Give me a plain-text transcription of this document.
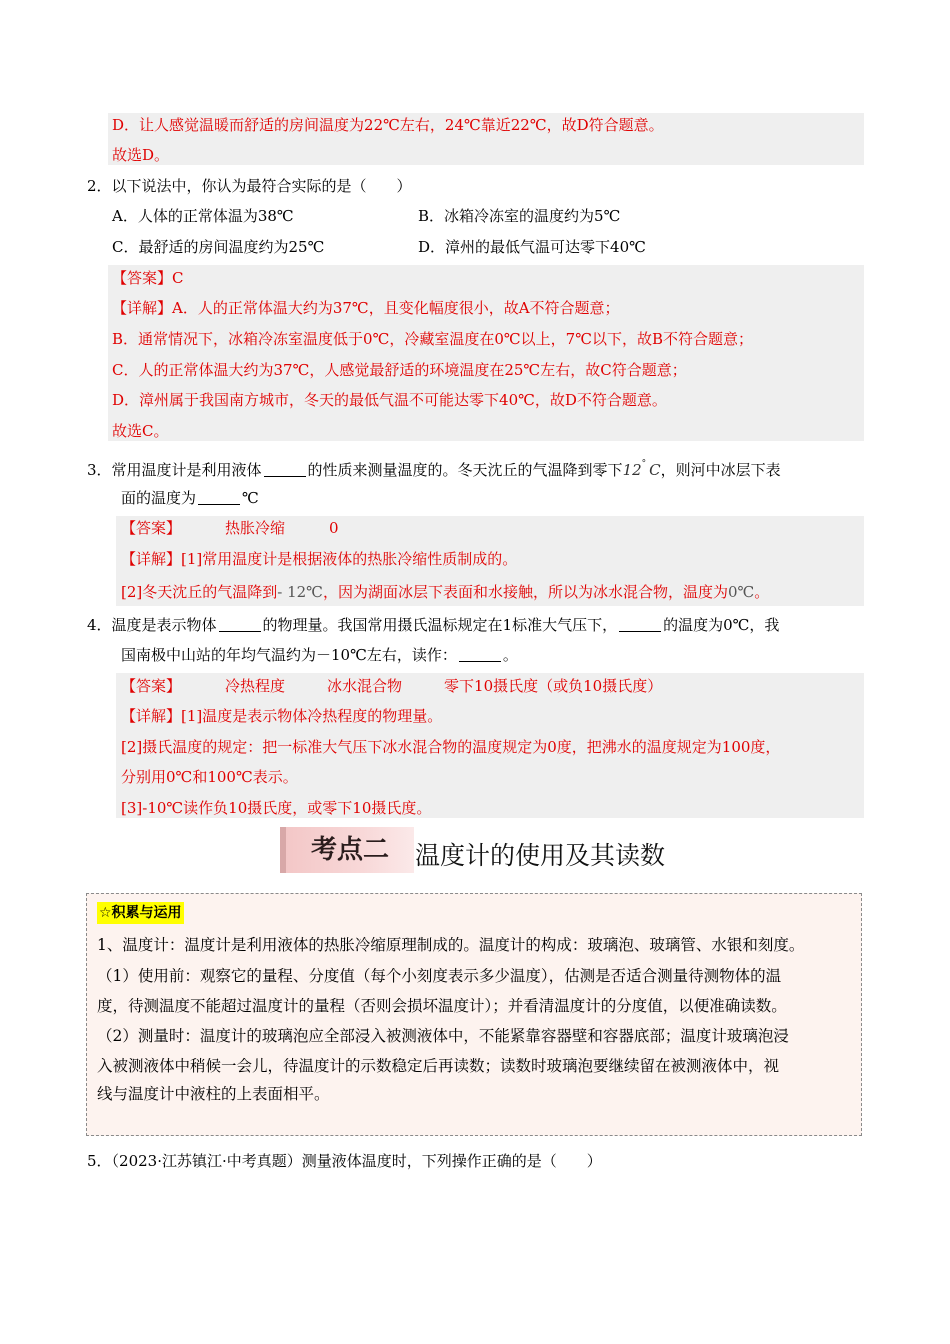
D．让人感觉温暖而舒适的房间温度为22℃左右，24℃靠近22℃，故D符合题意。
故选D。
2．以下说法中，你认为最符合实际的是（　　）
A．人体的正常体温为38℃	B．冰箱冷冻室的温度约为5℃
C．最舒适的房间温度约为25℃	D．漳州的最低气温可达零下40℃
【答案】C
【详解】A．人的正常体温大约为37℃，且变化幅度很小，故A不符合题意；
B．通常情况下，冰箱冷冻室温度低于0℃，冷藏室温度在0℃以上，7℃以下，故B不符合题意；
C．人的正常体温大约为37℃，人感觉最舒适的环境温度在25℃左右，故C符合题意；
D．漳州属于我国南方城市，冬天的最低气温不可能达零下40℃，故D不符合题意。
故选C。
3．常用温度计是利用液体	的性质来测量温度的。冬天沈丘的气温降到零下12° C，则河中冰层下表
面的温度为	℃
【答案】	热胀冷缩	0
【详解】[1]常用温度计是根据液体的热胀冷缩性质制成的。
[2]冬天沈丘的气温降到- 12℃，因为湖面冰层下表面和水接触，所以为冰水混合物，温度为0℃。
4．温度是表示物体	的物理量。我国常用摄氏温标规定在1标准大气压下，	的温度为0℃，我
国南极中山站的年均气温约为－10℃左右，读作：	。
【答案】	冷热程度	冰水混合物	零下10摄氏度（或负10摄氏度）
【详解】[1]温度是表示物体冷热程度的物理量。
[2]摄氏温度的规定：把一标准大气压下冰水混合物的温度规定为0度，把沸水的温度规定为100度，
分别用0℃和100℃表示。
[3]-10℃读作负10摄氏度，或零下10摄氏度。
考点二	温度计的使用及其读数
☆积累与运用
1、温度计：温度计是利用液体的热胀冷缩原理制成的。温度计的构成：玻璃泡、玻璃管、水银和刻度。
（1）使用前：观察它的量程、分度值（每个小刻度表示多少温度），估测是否适合测量待测物体的温
度，待测温度不能超过温度计的量程（否则会损坏温度计）；并看清温度计的分度值，以便准确读数。
（2）测量时：温度计的玻璃泡应全部浸入被测液体中，不能紧靠容器壁和容器底部；温度计玻璃泡浸
入被测液体中稍候一会儿，待温度计的示数稳定后再读数；读数时玻璃泡要继续留在被测液体中，视
线与温度计中液柱的上表面相平。
5．（2023·江苏镇江·中考真题）测量液体温度时，下列操作正确的是（　　）
